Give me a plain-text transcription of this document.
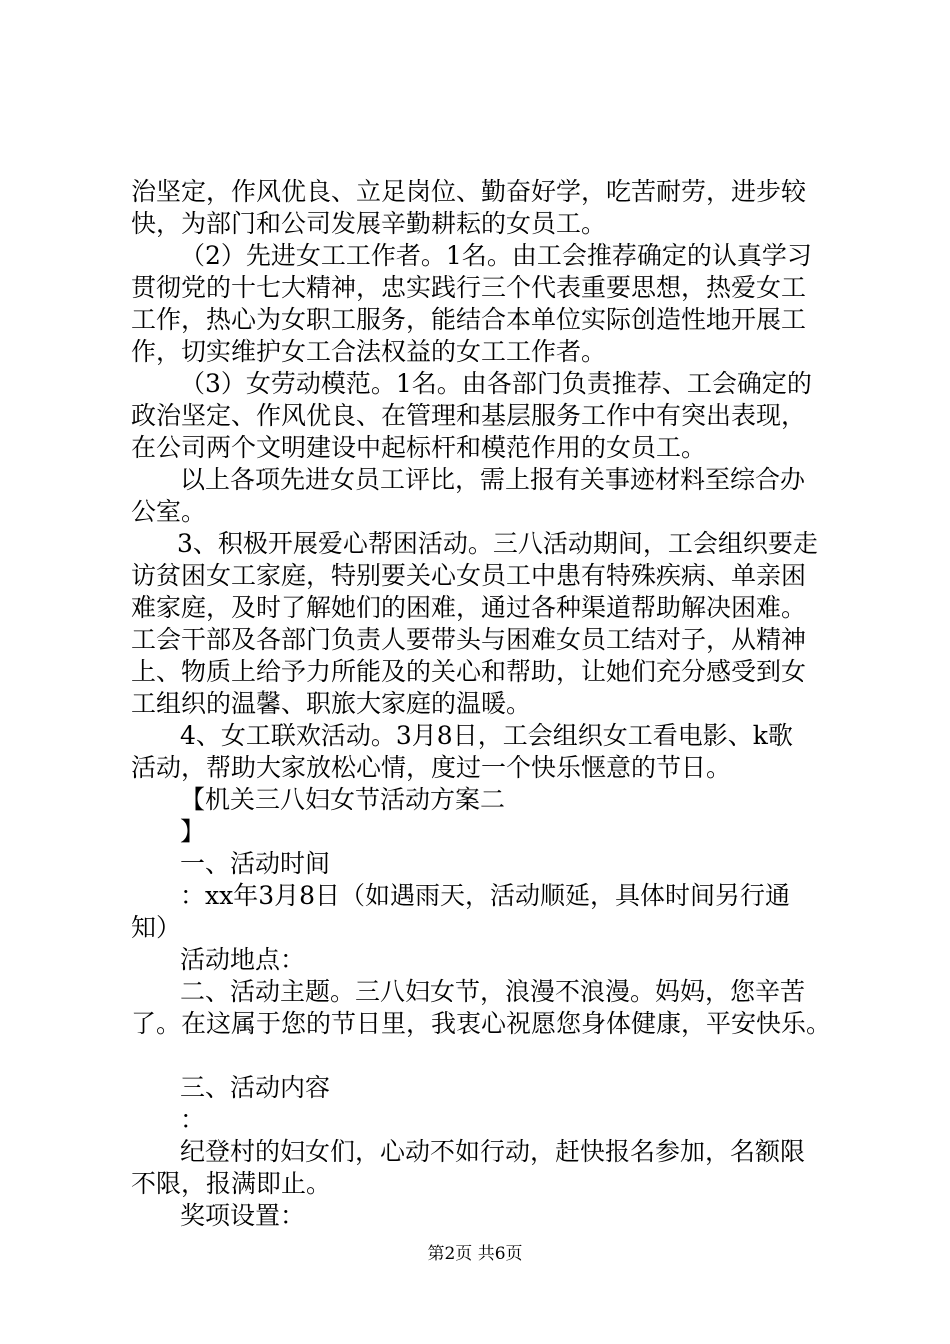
治坚定，作风优良、立足岗位、勤奋好学，吃苦耐劳，进步较
快，为部门和公司发展辛勤耕耘的女员工。
（2）先进女工工作者。1名。由工会推荐确定的认真学习
贯彻党的十七大精神，忠实践行三个代表重要思想，热爱女工
工作，热心为女职工服务，能结合本单位实际创造性地开展工
作，切实维护女工合法权益的女工工作者。
（3）女劳动模范。1名。由各部门负责推荐、工会确定的
政治坚定、作风优良、在管理和基层服务工作中有突出表现，
在公司两个文明建设中起标杆和模范作用的女员工。
以上各项先进女员工评比，需上报有关事迹材料至综合办
公室。
3、积极开展爱心帮困活动。三八活动期间，工会组织要走
访贫困女工家庭，特别要关心女员工中患有特殊疾病、单亲困
难家庭，及时了解她们的困难，通过各种渠道帮助解决困难。
工会干部及各部门负责人要带头与困难女员工结对子，从精神
上、物质上给予力所能及的关心和帮助，让她们充分感受到女
工组织的温馨、职旅大家庭的温暖。
4、女工联欢活动。3月8日，工会组织女工看电影、k歌
活动，帮助大家放松心情，度过一个快乐惬意的节日。
【机关三八妇女节活动方案二
】
一、活动时间
：xx年3月8日（如遇雨天，活动顺延，具体时间另行通
知）
活动地点：
二、活动主题。三八妇女节，浪漫不浪漫。妈妈，您辛苦
了。在这属于您的节日里，我衷心祝愿您身体健康，平安快乐。
三、活动内容
：
纪登村的妇女们，心动不如行动，赶快报名参加，名额限
不限，报满即止。
奖项设置：
第2页 共6页
